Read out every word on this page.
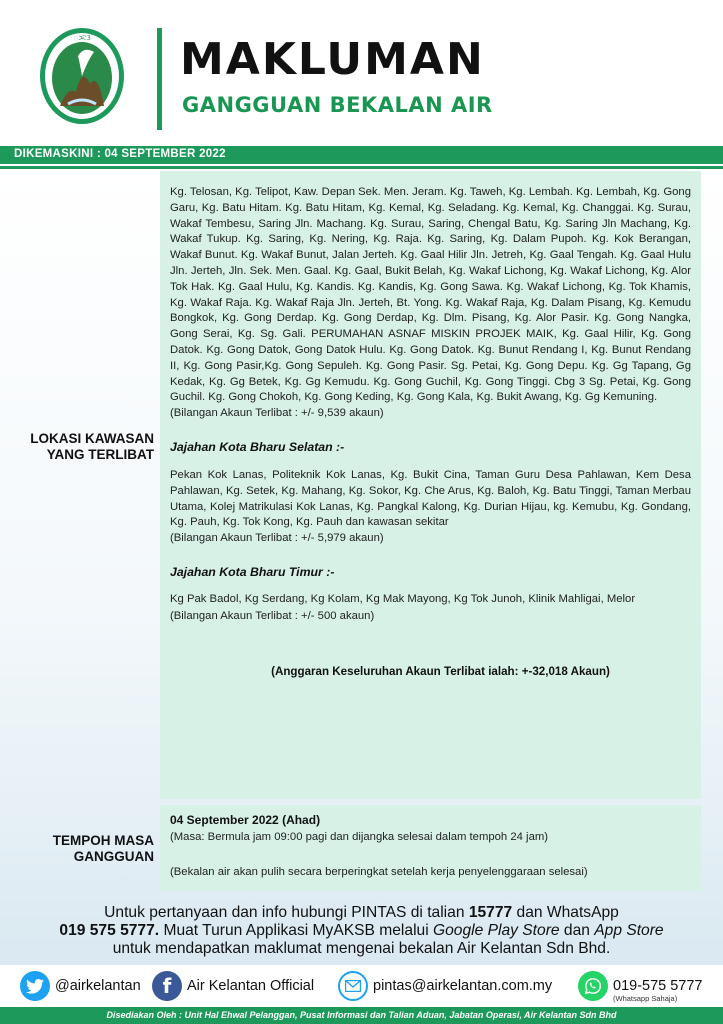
ᜀᜁᜂ MAKLUMAN
GANGGUAN BEKALAN AIR
DIKEMASKINI : 04 SEPTEMBER 2022
LOKASI KAWASAN
YANG TERLIBAT

Kg. Telosan, Kg. Telipot, Kaw. Depan Sek. Men. Jeram. Kg. Taweh, Kg. Lembah. Kg. Lembah, Kg. Gong Garu, Kg. Batu Hitam. Kg. Batu Hitam, Kg. Kemal, Kg. Seladang. Kg. Kemal, Kg. Changgai. Kg. Surau, Wakaf Tembesu, Saring Jln. Machang. Kg. Surau, Saring, Chengal Batu, Kg. Saring Jln Machang, Kg. Wakaf Tukup. Kg. Saring, Kg. Nering, Kg. Raja. Kg. Saring, Kg. Dalam Pupoh. Kg. Kok Berangan, Wakaf Bunut. Kg. Wakaf Bunut, Jalan Jerteh. Kg. Gaal Hilir Jln. Jetreh, Kg. Gaal Tengah. Kg. Gaal Hulu Jln. Jerteh, Jln. Sek. Men. Gaal. Kg. Gaal, Bukit Belah, Kg. Wakaf Lichong, Kg. Wakaf Lichong, Kg. Alor Tok Hak. Kg. Gaal Hulu, Kg. Kandis. Kg. Kandis, Kg. Gong Sawa. Kg. Wakaf Lichong, Kg. Tok Khamis, Kg. Wakaf Raja. Kg. Wakaf Raja Jln. Jerteh, Bt. Yong. Kg. Wakaf Raja, Kg. Dalam Pisang, Kg. Kemudu Bongkok, Kg. Gong Derdap. Kg. Gong Derdap, Kg. Dlm. Pisang, Kg. Alor Pasir. Kg. Gong Nangka, Gong Serai, Kg. Sg. Gali. PERUMAHAN ASNAF MISKIN PROJEK MAIK, Kg. Gaal Hilir, Kg. Gong Datok. Kg. Gong Datok, Gong Datok Hulu. Kg. Gong Datok. Kg. Bunut Rendang I, Kg. Bunut Rendang II, Kg. Gong Pasir,Kg. Gong Sepuleh. Kg. Gong Pasir. Sg. Petai, Kg. Gong Depu. Kg. Gg Tapang, Gg Kedak, Kg. Gg Betek, Kg. Gg Kemudu. Kg. Gong Guchil, Kg. Gong Tinggi. Cbg 3 Sg. Petai, Kg. Gong Guchil. Kg. Gong Chokoh, Kg. Gong Keding, Kg. Gong Kala, Kg. Bukit Awang, Kg. Gg Kemuning.

(Bilangan Akaun Terlibat : +/- 9,539 akaun)

Jajahan Kota Bharu Selatan :-

Pekan Kok Lanas, Politeknik Kok Lanas, Kg. Bukit Cina, Taman Guru Desa Pahlawan, Kem Desa Pahlawan, Kg. Setek, Kg. Mahang, Kg. Sokor, Kg. Che Arus, Kg. Baloh, Kg. Batu Tinggi, Taman Merbau Utama, Kolej Matrikulasi Kok Lanas, Kg. Pangkal Kalong, Kg. Durian Hijau, kg. Kemubu, Kg. Gondang, Kg. Pauh, Kg. Tok Kong, Kg. Pauh dan kawasan sekitar

(Bilangan Akaun Terlibat : +/- 5,979 akaun)

Jajahan Kota Bharu Timur :-

Kg Pak Badol, Kg Serdang, Kg Kolam, Kg Mak Mayong, Kg Tok Junoh, Klinik Mahligai, Melor

(Bilangan Akaun Terlibat : +/- 500 akaun)

(Anggaran Keseluruhan Akaun Terlibat ialah: +-32,018 Akaun)

TEMPOH MASA
GANGGUAN
04 September 2022 (Ahad)
(Masa: Bermula jam 09:00 pagi dan dijangka selesai dalam tempoh 24 jam)
(Bekalan air akan pulih secara berperingkat setelah kerja penyelenggaraan selesai)
Untuk pertanyaan dan info hubungi PINTAS di talian 15777 dan WhatsApp
019 575 5777. Muat Turun Applikasi MyAKSB melalui Google Play Store dan App Store
untuk mendapatkan maklumat mengenai bekalan Air Kelantan Sdn Bhd.
@airkelantan f Air Kelantan Official	pintas@airkelantan.com.my	019-575 5777
(Whatsapp Sahaja)
Disediakan Oleh : Unit Hal Ehwal Pelanggan, Pusat Informasi dan Talian Aduan, Jabatan Operasi, Air Kelantan Sdn Bhd
